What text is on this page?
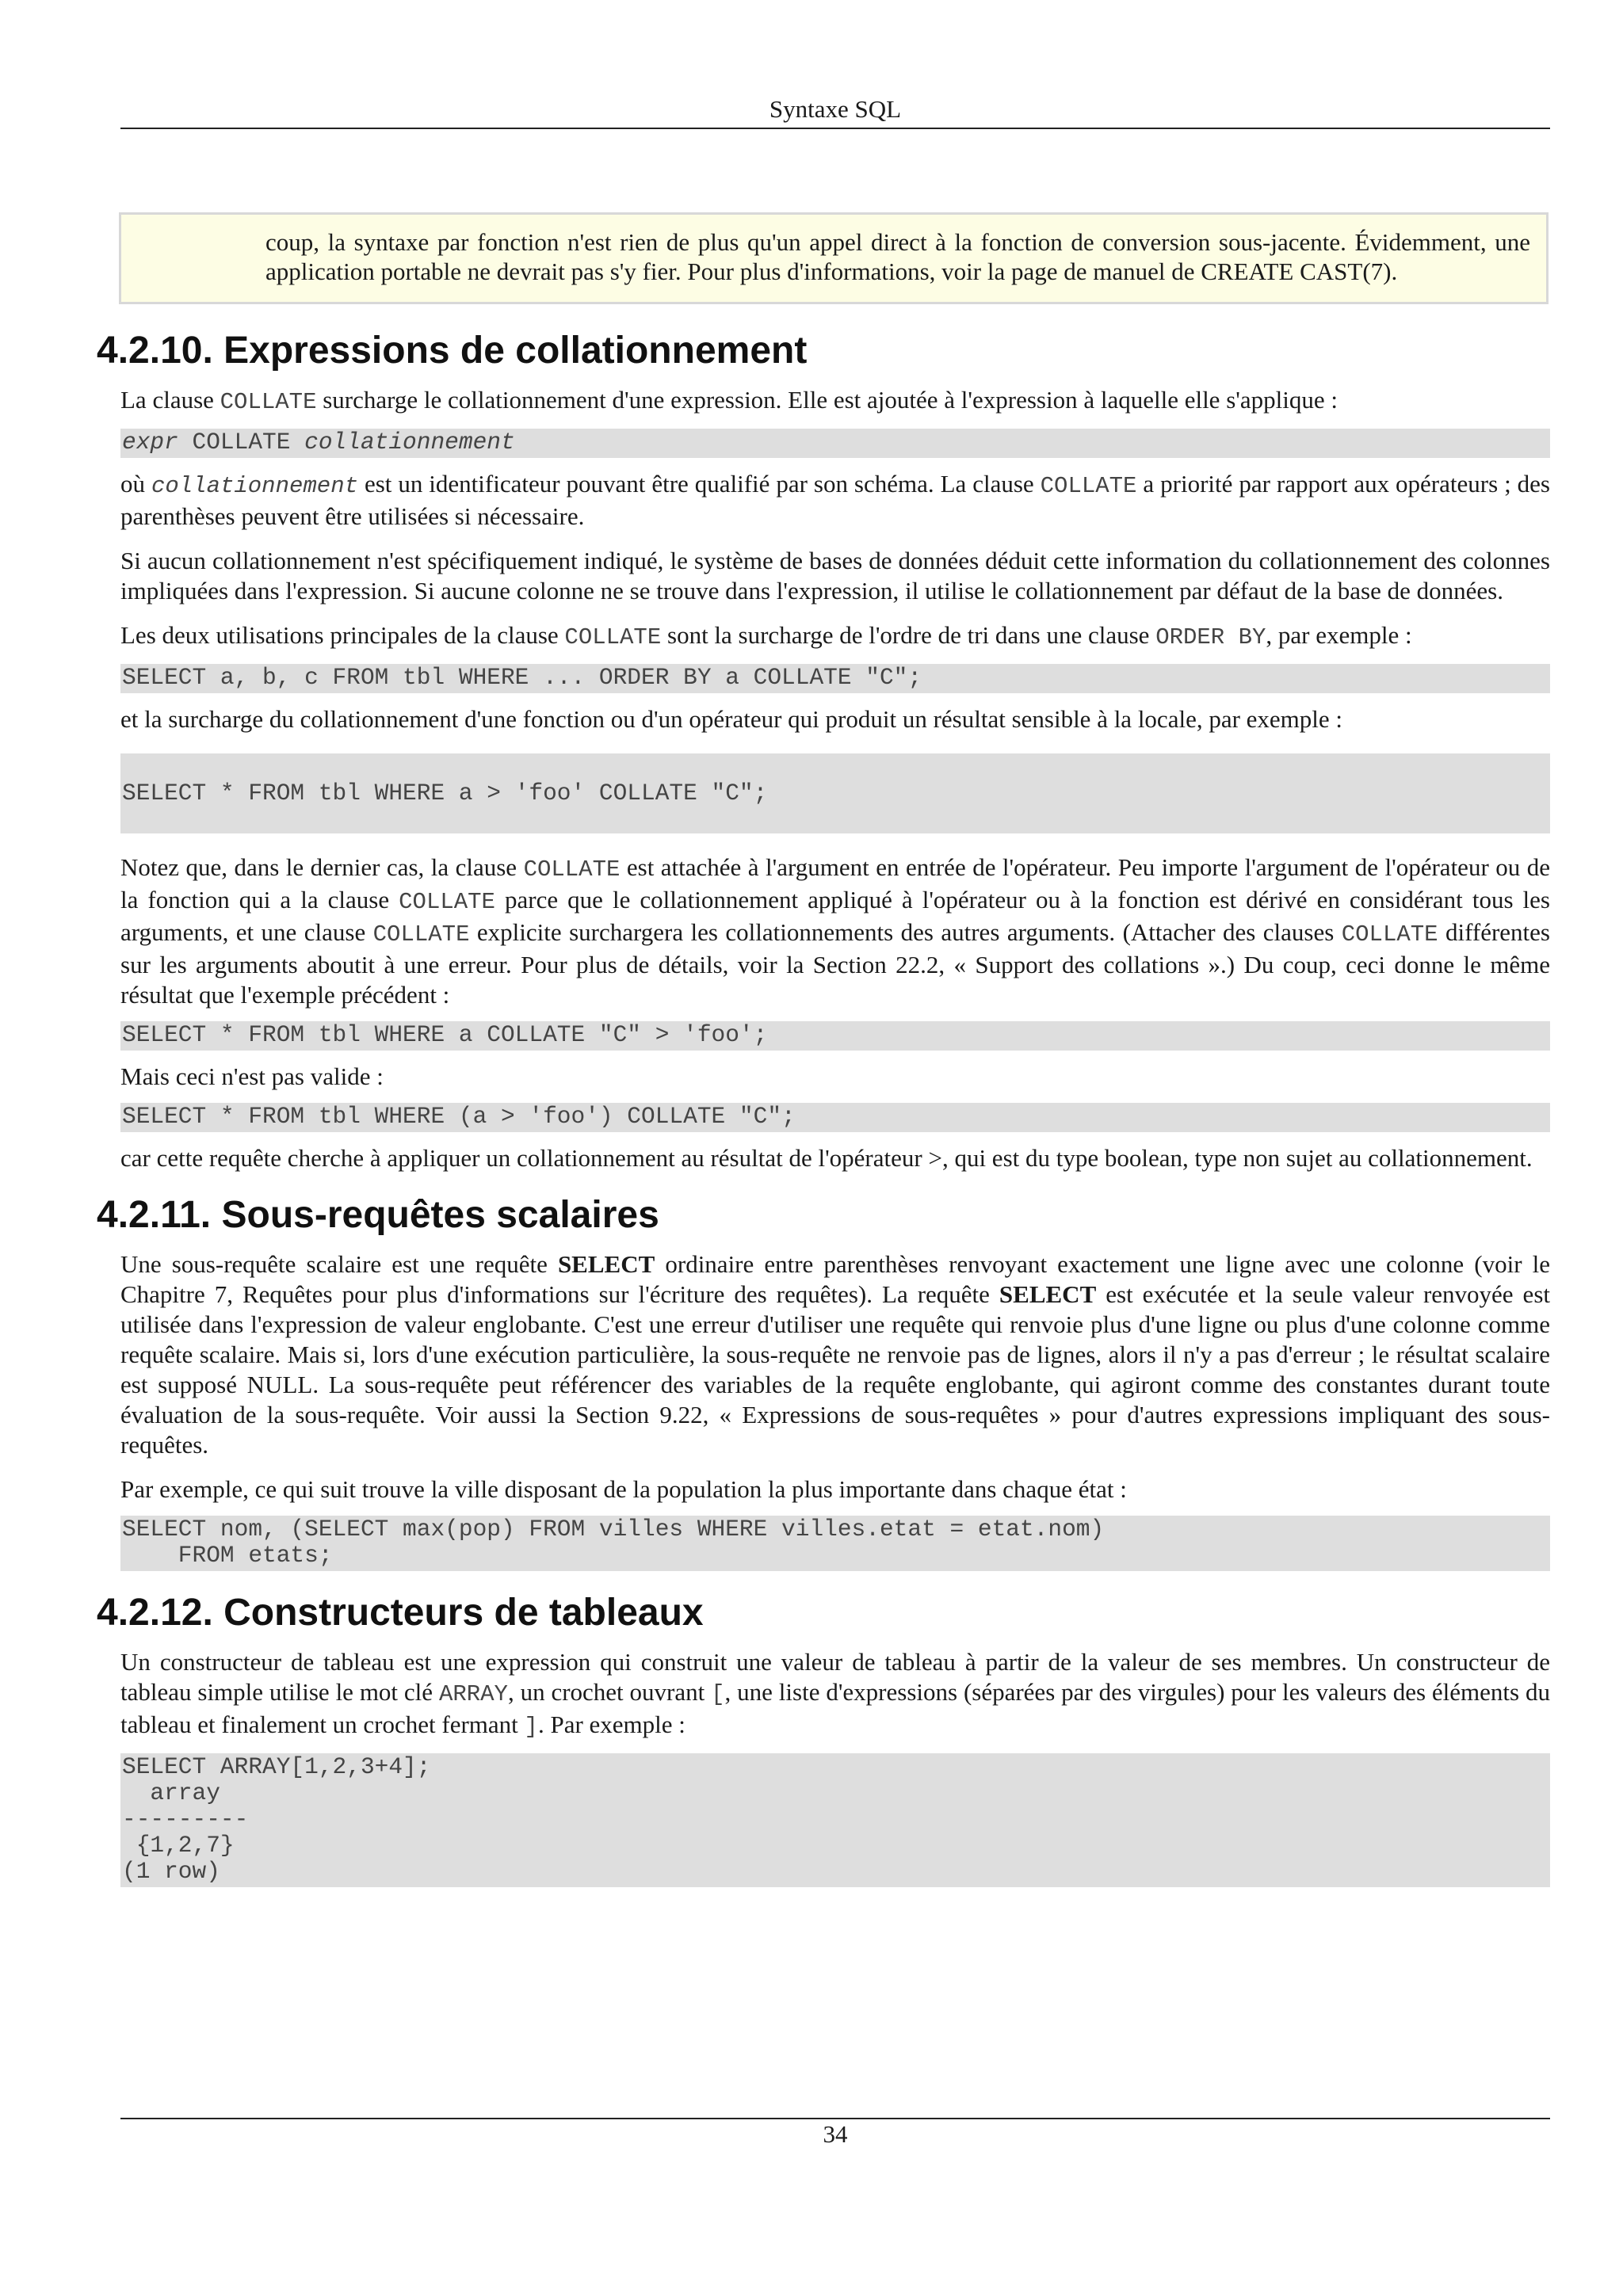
Syntaxe SQL

coup, la syntaxe par fonction n'est rien de plus qu'un appel direct à la fonction de conversion sous-jacente. Évidemment, une application portable ne devrait pas s'y fier. Pour plus d'informations, voir la page de manuel de CREATE CAST(7).

4.2.10. Expressions de collationnement

La clause COLLATE surcharge le collationnement d'une expression. Elle est ajoutée à l'expression à laquelle elle s'applique :

expr COLLATE collationnement

où collationnement est un identificateur pouvant être qualifié par son schéma. La clause COLLATE a priorité par rapport aux opérateurs ; des parenthèses peuvent être utilisées si nécessaire.

Si aucun collationnement n'est spécifiquement indiqué, le système de bases de données déduit cette information du collationnement des colonnes impliquées dans l'expression. Si aucune colonne ne se trouve dans l'expression, il utilise le collationnement par défaut de la base de données.

Les deux utilisations principales de la clause COLLATE sont la surcharge de l'ordre de tri dans une clause ORDER BY, par exemple :

SELECT a, b, c FROM tbl WHERE ... ORDER BY a COLLATE "C";

et la surcharge du collationnement d'une fonction ou d'un opérateur qui produit un résultat sensible à la locale, par exemple :

SELECT * FROM tbl WHERE a > 'foo' COLLATE "C";

Notez que, dans le dernier cas, la clause COLLATE est attachée à l'argument en entrée de l'opérateur. Peu importe l'argument de l'opérateur ou de la fonction qui a la clause COLLATE parce que le collationnement appliqué à l'opérateur ou à la fonction est dérivé en considérant tous les arguments, et une clause COLLATE explicite surchargera les collationnements des autres arguments. (Attacher des clauses COLLATE différentes sur les arguments aboutit à une erreur. Pour plus de détails, voir la Section 22.2, « Support des collations ».) Du coup, ceci donne le même résultat que l'exemple précédent :

SELECT * FROM tbl WHERE a COLLATE "C" > 'foo';

Mais ceci n'est pas valide :

SELECT * FROM tbl WHERE (a > 'foo') COLLATE "C";

car cette requête cherche à appliquer un collationnement au résultat de l'opérateur >, qui est du type boolean, type non sujet au collationnement.

4.2.11. Sous-requêtes scalaires

Une sous-requête scalaire est une requête SELECT ordinaire entre parenthèses renvoyant exactement une ligne avec une colonne (voir le Chapitre 7, Requêtes pour plus d'informations sur l'écriture des requêtes). La requête SELECT est exécutée et la seule valeur renvoyée est utilisée dans l'expression de valeur englobante. C'est une erreur d'utiliser une requête qui renvoie plus d'une ligne ou plus d'une colonne comme requête scalaire. Mais si, lors d'une exécution particulière, la sous-requête ne renvoie pas de lignes, alors il n'y a pas d'erreur ; le résultat scalaire est supposé NULL. La sous-requête peut référencer des variables de la requête englobante, qui agiront comme des constantes durant toute évaluation de la sous-requête. Voir aussi la Section 9.22, « Expressions de sous-requêtes » pour d'autres expressions impliquant des sous-requêtes.

Par exemple, ce qui suit trouve la ville disposant de la population la plus importante dans chaque état :

SELECT nom, (SELECT max(pop) FROM villes WHERE villes.etat = etat.nom)
FROM etats;
4.2.12. Constructeurs de tableaux

Un constructeur de tableau est une expression qui construit une valeur de tableau à partir de la valeur de ses membres. Un constructeur de tableau simple utilise le mot clé ARRAY, un crochet ouvrant [, une liste d'expressions (séparées par des virgules) pour les valeurs des éléments du tableau et finalement un crochet fermant ]. Par exemple :

SELECT ARRAY[1,2,3+4];
array
---------
{1,2,7}
(1 row)
34
